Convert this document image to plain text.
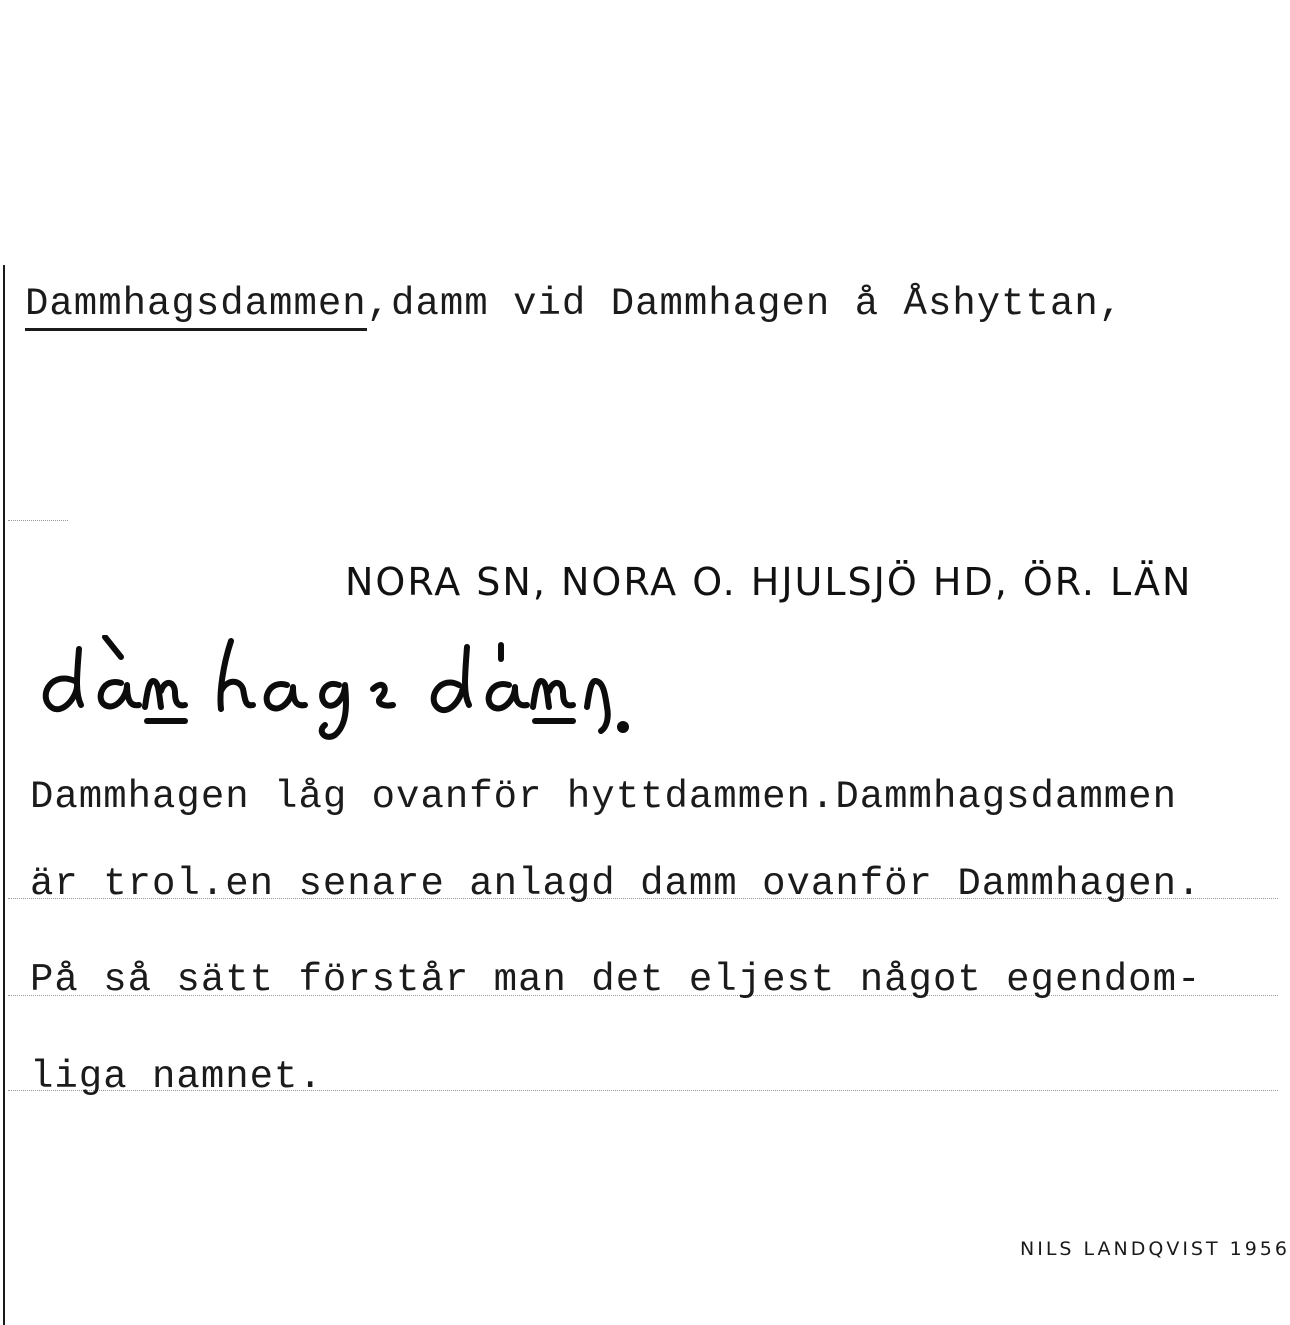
Dammhagsdammen,damm vid Dammhagen å Åshyttan,
NORA SN, NORA O. HJULSJÖ HD, ÖR. LÄN
Dammhagen låg ovanför hyttdammen.Dammhagsdammen
är trol.en senare anlagd damm ovanför Dammhagen.
På så sätt förstår man det eljest något egendom-
liga namnet.
NILS LANDQVIST 1956
